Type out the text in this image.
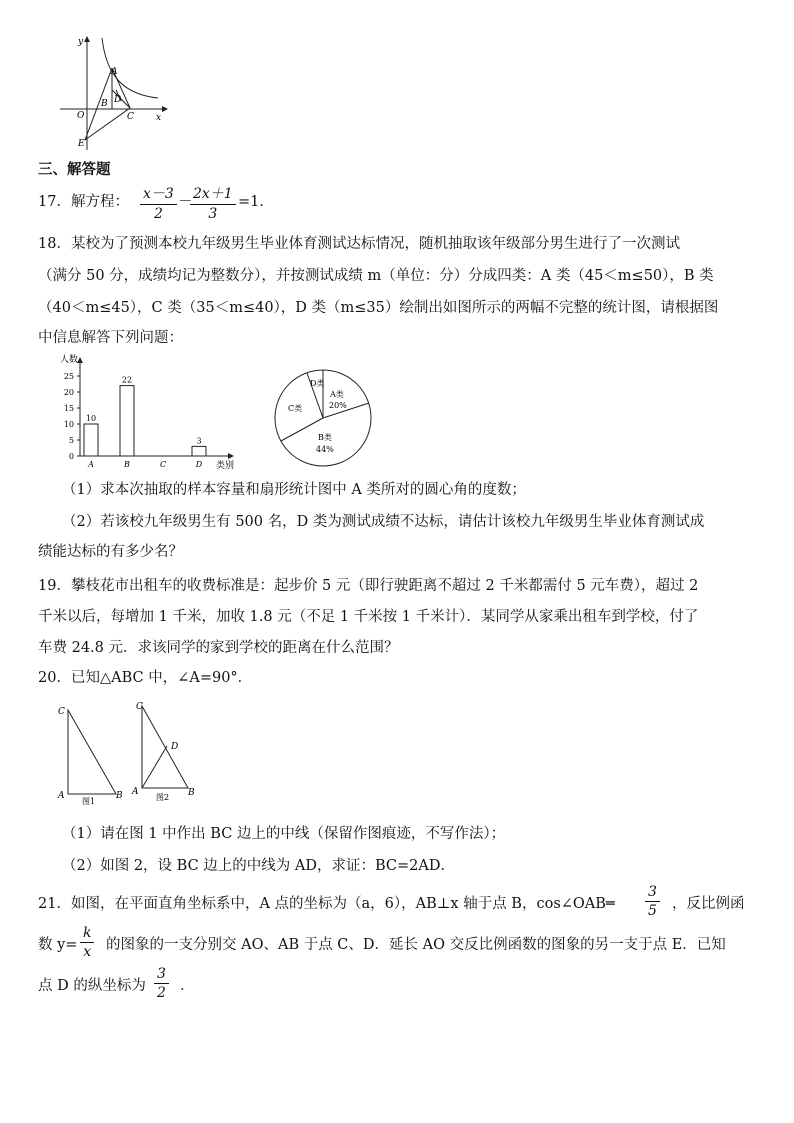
y
x
O
A
B D
C
E
三、解答题
17．解方程： $\frac{x-3}{2}$ －
$\frac{2x+1}{3} =1$．
18．某校为了预测本校九年级男生毕业体育测试达标情况，随机抽取该年级部分男生进行了一次测试
（满分 50 分，成绩均记为整数分），并按测试成绩 m（单位：分）分成四类：A 类（45＜m≤50），B 类
（40＜m≤45），C 类（35＜m≤40），D 类（m≤35）绘制出如图所示的两幅不完整的统计图，请根据图
中信息解答下列问题：
人数
类别
0
5
10
15
20
25
A
10
B
22
C	D
3
D类
A类
20%
C类
B类
44%
（1）求本次抽取的样本容量和扇形统计图中 A 类所对的圆心角的度数；
（2）若该校九年级男生有 500 名，D 类为测试成绩不达标，请估计该校九年级男生毕业体育测试成
绩能达标的有多少名？
19．攀枝花市出租车的收费标准是：起步价 5 元（即行驶距离不超过 2 千米都需付 5 元车费），超过 2
千米以后，每增加 1 千米，加收 1.8 元（不足 1 千米按 1 千米计）．某同学从家乘出租车到学校，付了
车费 24.8 元．求该同学的家到学校的距离在什么范围？
20．已知△ABC 中，∠A=90°．
C
A	B
图1
C
D
A	B
图2
（1）请在图 1 中作出 BC 边上的中线（保留作图痕迹，不写作法）；
（2）如图 2，设 BC 边上的中线为 AD，求证：BC=2AD．
21．如图，在平面直角坐标系中，A 点的坐标为（a，6），AB⊥x 轴于点 B，cos∠OAB═ $\frac{3}{5}$ ，反比例函
数 $y= \frac{k}{x}$ 的图象的一支分别交 AO、AB 于点 C、D．延长 AO 交反比例函数的图象的另一支于点 E．已知
点 D 的纵坐标为 $\frac{3}{2}$ ．
